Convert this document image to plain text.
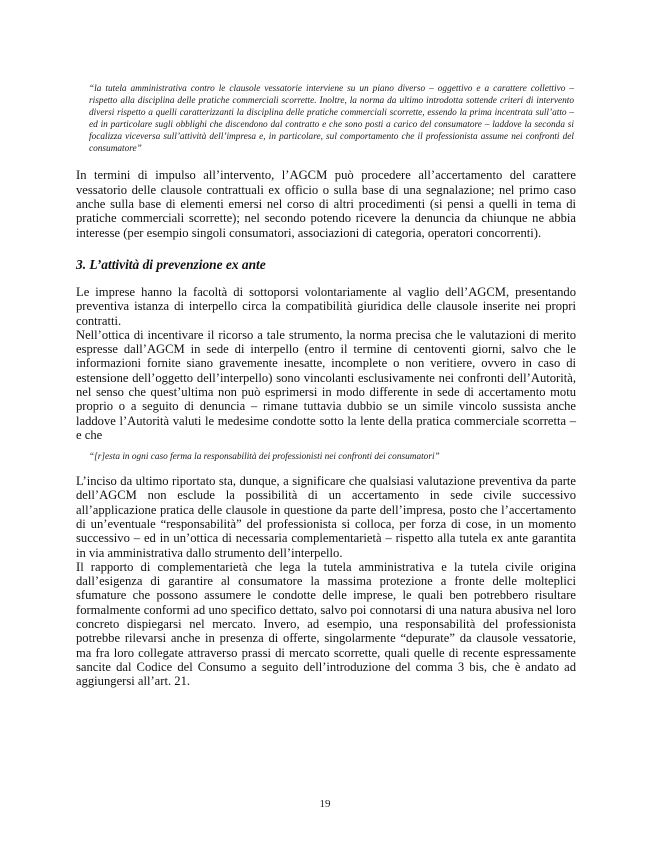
“la tutela amministrativa contro le clausole vessatorie interviene su un piano diverso – oggettivo e a carattere collettivo – rispetto alla disciplina delle pratiche commerciali scorrette. Inoltre, la norma da ultimo introdotta sottende criteri di intervento diversi rispetto a quelli caratterizzanti la disciplina delle pratiche commerciali scorrette, essendo la prima incentrata sull’atto – ed in particolare sugli obblighi che discendono dal contratto e che sono posti a carico del consumatore – laddove la seconda si focalizza viceversa sull’attività dell’impresa e, in particolare, sul comportamento che il professionista assume nei confronti del consumatore”

In termini di impulso all’intervento, l’AGCM può procedere all’accertamento del carattere vessatorio delle clausole contrattuali ex officio o sulla base di una segnalazione; nel primo caso anche sulla base di elementi emersi nel corso di altri procedimenti (si pensi a quelli in tema di pratiche commerciali scorrette); nel secondo potendo ricevere la denuncia da chiunque ne abbia interesse (per esempio singoli consumatori, associazioni di categoria, operatori concorrenti).

3. L’attività di prevenzione ex ante

Le imprese hanno la facoltà di sottoporsi volontariamente al vaglio dell’AGCM, presentando preventiva istanza di interpello circa la compatibilità giuridica delle clausole inserite nei propri contratti.

Nell’ottica di incentivare il ricorso a tale strumento, la norma precisa che le valutazioni di merito espresse dall’AGCM in sede di interpello (entro il termine di centoventi giorni, salvo che le informazioni fornite siano gravemente inesatte, incomplete o non veritiere, ovvero in caso di estensione dell’oggetto dell’interpello) sono vincolanti esclusivamente nei confronti dell’Autorità, nel senso che quest’ultima non può esprimersi in modo differente in sede di accertamento motu proprio o a seguito di denuncia – rimane tuttavia dubbio se un simile vincolo sussista anche laddove l’Autorità valuti le medesime condotte sotto la lente della pratica commerciale scorretta – e che

“[r]esta in ogni caso ferma la responsabilità dei professionisti nei confronti dei consumatori”

L’inciso da ultimo riportato sta, dunque, a significare che qualsiasi valutazione preventiva da parte dell’AGCM non esclude la possibilità di un accertamento in sede civile successivo all’applicazione pratica delle clausole in questione da parte dell’impresa, posto che l’accertamento di un’eventuale “responsabilità” del professionista si colloca, per forza di cose, in un momento successivo – ed in un’ottica di necessaria complementarietà – rispetto alla tutela ex ante garantita in via amministrativa dallo strumento dell’interpello.

Il rapporto di complementarietà che lega la tutela amministrativa e la tutela civile origina dall’esigenza di garantire al consumatore la massima protezione a fronte delle molteplici sfumature che possono assumere le condotte delle imprese, le quali ben potrebbero risultare formalmente conformi ad uno specifico dettato, salvo poi connotarsi di una natura abusiva nel loro concreto dispiegarsi nel mercato. Invero, ad esempio, una responsabilità del professionista potrebbe rilevarsi anche in presenza di offerte, singolarmente “depurate” da clausole vessatorie, ma fra loro collegate attraverso prassi di mercato scorrette, quali quelle di recente espressamente sancite dal Codice del Consumo a seguito dell’introduzione del comma 3 bis, che è andato ad aggiungersi all’art. 21.

19
